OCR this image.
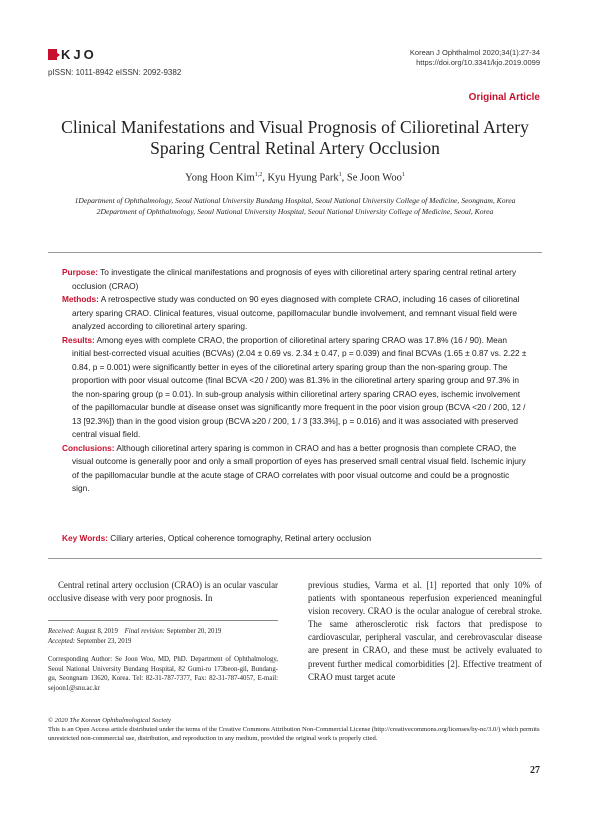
KJO
pISSN: 1011-8942 eISSN: 2092-9382
Korean J Ophthalmol 2020;34(1):27-34
https://doi.org/10.3341/kjo.2019.0099
Original Article
Clinical Manifestations and Visual Prognosis of Cilioretinal Artery Sparing Central Retinal Artery Occlusion
Yong Hoon Kim$^{1,2}$, Kyu Hyung Park$^1$, Se Joon Woo$^1$
1Department of Ophthalmology, Seoul National University Bundang Hospital, Seoul National University College of Medicine, Seongnam, Korea
2Department of Ophthalmology, Seoul National University Hospital, Seoul National University College of Medicine, Seoul, Korea

Purpose: To investigate the clinical manifestations and prognosis of eyes with cilioretinal artery sparing central retinal artery occlusion (CRAO)

Methods: A retrospective study was conducted on 90 eyes diagnosed with complete CRAO, including 16 cases of cilioretinal artery sparing CRAO. Clinical features, visual outcome, papillomacular bundle involvement, and remnant visual field were analyzed according to cilioretinal artery sparing.

Results: Among eyes with complete CRAO, the proportion of cilioretinal artery sparing CRAO was 17.8% (16 / 90). Mean initial best-corrected visual acuities (BCVAs) (2.04 ± 0.69 vs. 2.34 ± 0.47, p = 0.039) and final BCVAs (1.65 ± 0.87 vs. 2.22 ± 0.84, p = 0.001) were significantly better in eyes of the cilioretinal artery sparing group than the non-sparing group. The proportion with poor visual outcome (final BCVA <20 / 200) was 81.3% in the cilioretinal artery sparing group and 97.3% in the non-sparing group (p = 0.01). In sub-group analysis within cilioretinal artery sparing CRAO eyes, ischemic involvement of the papillomacular bundle at disease onset was significantly more frequent in the poor vision group (BCVA <20 / 200, 12 / 13 [92.3%]) than in the good vision group (BCVA ≥20 / 200, 1 / 3 [33.3%], p = 0.016) and it was associated with preserved central visual field.

Conclusions: Although cilioretinal artery sparing is common in CRAO and has a better prognosis than complete CRAO, the visual outcome is generally poor and only a small proportion of eyes has preserved small central visual field. Ischemic injury of the papillomacular bundle at the acute stage of CRAO correlates with poor visual outcome and could be a prognostic sign.

Key Words: Ciliary arteries, Optical coherence tomography, Retinal artery occlusion

Central retinal artery occlusion (CRAO) is an ocular vascular occlusive disease with very poor prognosis. In

previous studies, Varma et al. [1] reported that only 10% of patients with spontaneous reperfusion experienced meaningful vision recovery. CRAO is the ocular analogue of cerebral stroke. The same atherosclerotic risk factors that predispose to cardiovascular, peripheral vascular, and cerebrovascular disease are present in CRAO, and these must be actively evaluated to prevent further medical comorbidities [2]. Effective treatment of CRAO must target acute

Received: August 8, 2019 Final revision: September 20, 2019
Accepted: September 23, 2019
Corresponding Author: Se Joon Woo, MD, PhD. Department of Ophthalmology, Seoul National University Bundang Hospital, 82 Gumi-ro 173beon-gil, Bundang-gu, Seongnam 13620, Korea. Tel: 82-31-787-7377, Fax: 82-31-787-4057, E-mail: sejoon1@snu.ac.kr
© 2020 The Korean Ophthalmological Society
This is an Open Access article distributed under the terms of the Creative Commons Attribution Non-Commercial License (http://creativecommons.org/licenses/by-nc/3.0/) which permits unrestricted non-commercial use, distribution, and reproduction in any medium, provided the original work is properly cited.
27
